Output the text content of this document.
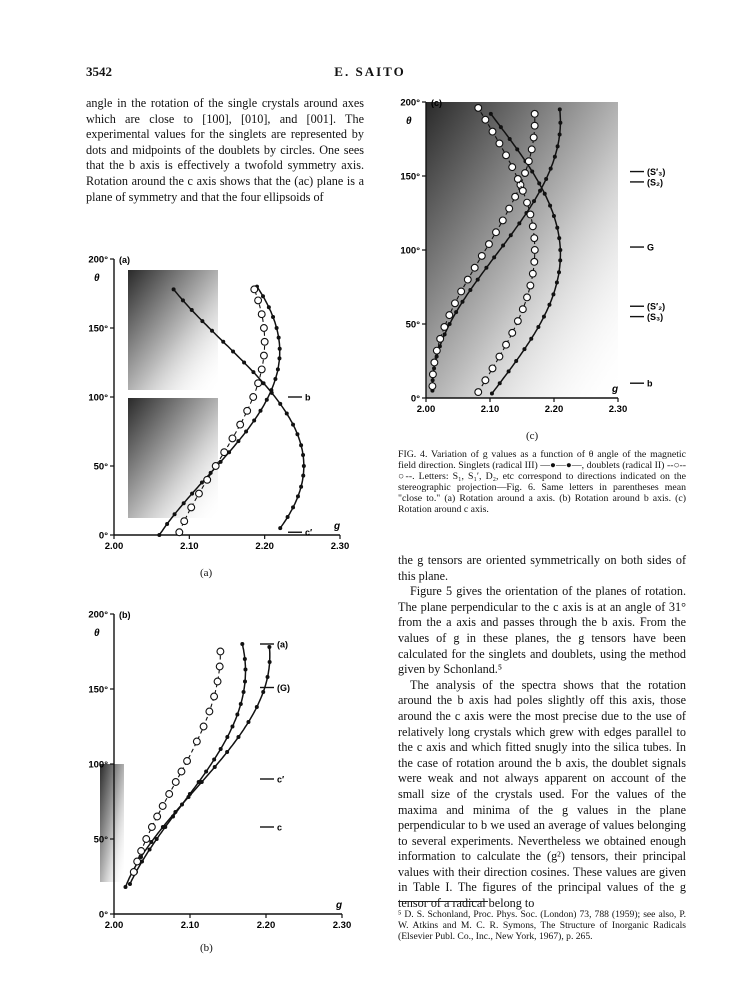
3542	E. SAITO

angle in the rotation of the single crystals around axes which are close to [100], [010], and [001]. The experimental values for the singlets are represented by dots and midpoints of the doublets by circles. One sees that the b axis is effectively a twofold symmetry axis. Rotation around the c axis shows that the (ac) plane is a plane of symmetry and that the four ellipsoids of

0°
50°
100°
150°
200°
2.00	2.10	2.20	2.30
θ
g
(a)
b
c′
(a)
0°
50°
100°
150°
200°
2.00	2.10	2.20	2.30
θ
g
(b)
(a)
(G)
c′
c
(b)
0°
50°
100°
150°
200°
2.00	2.10	2.20	2.30
θ
g
(c)
(S′₃)
(S₂)
G
(S′₂)
(S₃)
b
(c)
FIG. 4. Variation of g values as a function of θ angle of the magnetic field direction. Singlets (radical III) —●—●—, doublets (radical II) --○--○--. Letters: S₁, S₁′, D₂, etc correspond to directions indicated on the stereographic projection—Fig. 6. Same letters in parentheses mean "close to." (a) Rotation around a axis. (b) Rotation around b axis. (c) Rotation around c axis.

the g tensors are oriented symmetrically on both sides of this plane.

Figure 5 gives the orientation of the planes of rotation. The plane perpendicular to the c axis is at an angle of 31° from the a axis and passes through the b axis. From the values of g in these planes, the g tensors have been calculated for the singlets and doublets, using the method given by Schonland.⁵

The analysis of the spectra shows that the rotation around the b axis had poles slightly off this axis, those around the c axis were the most precise due to the use of relatively long crystals which grew with edges parallel to the c axis and which fitted snugly into the silica tubes. In the case of rotation around the b axis, the doublet signals were weak and not always apparent on account of the small size of the crystals used. For the values of the maxima and minima of the g values in the plane perpendicular to b we used an average of values belonging to several experiments. Nevertheless we obtained enough information to calculate the (g²) tensors, their principal values with their direction cosines. These values are given in Table I. The figures of the principal values of the g tensor of a radical belong to

⁵ D. S. Schonland, Proc. Phys. Soc. (London) 73, 788 (1959); see also, P. W. Atkins and M. C. R. Symons, The Structure of Inorganic Radicals (Elsevier Publ. Co., Inc., New York, 1967), p. 265.
